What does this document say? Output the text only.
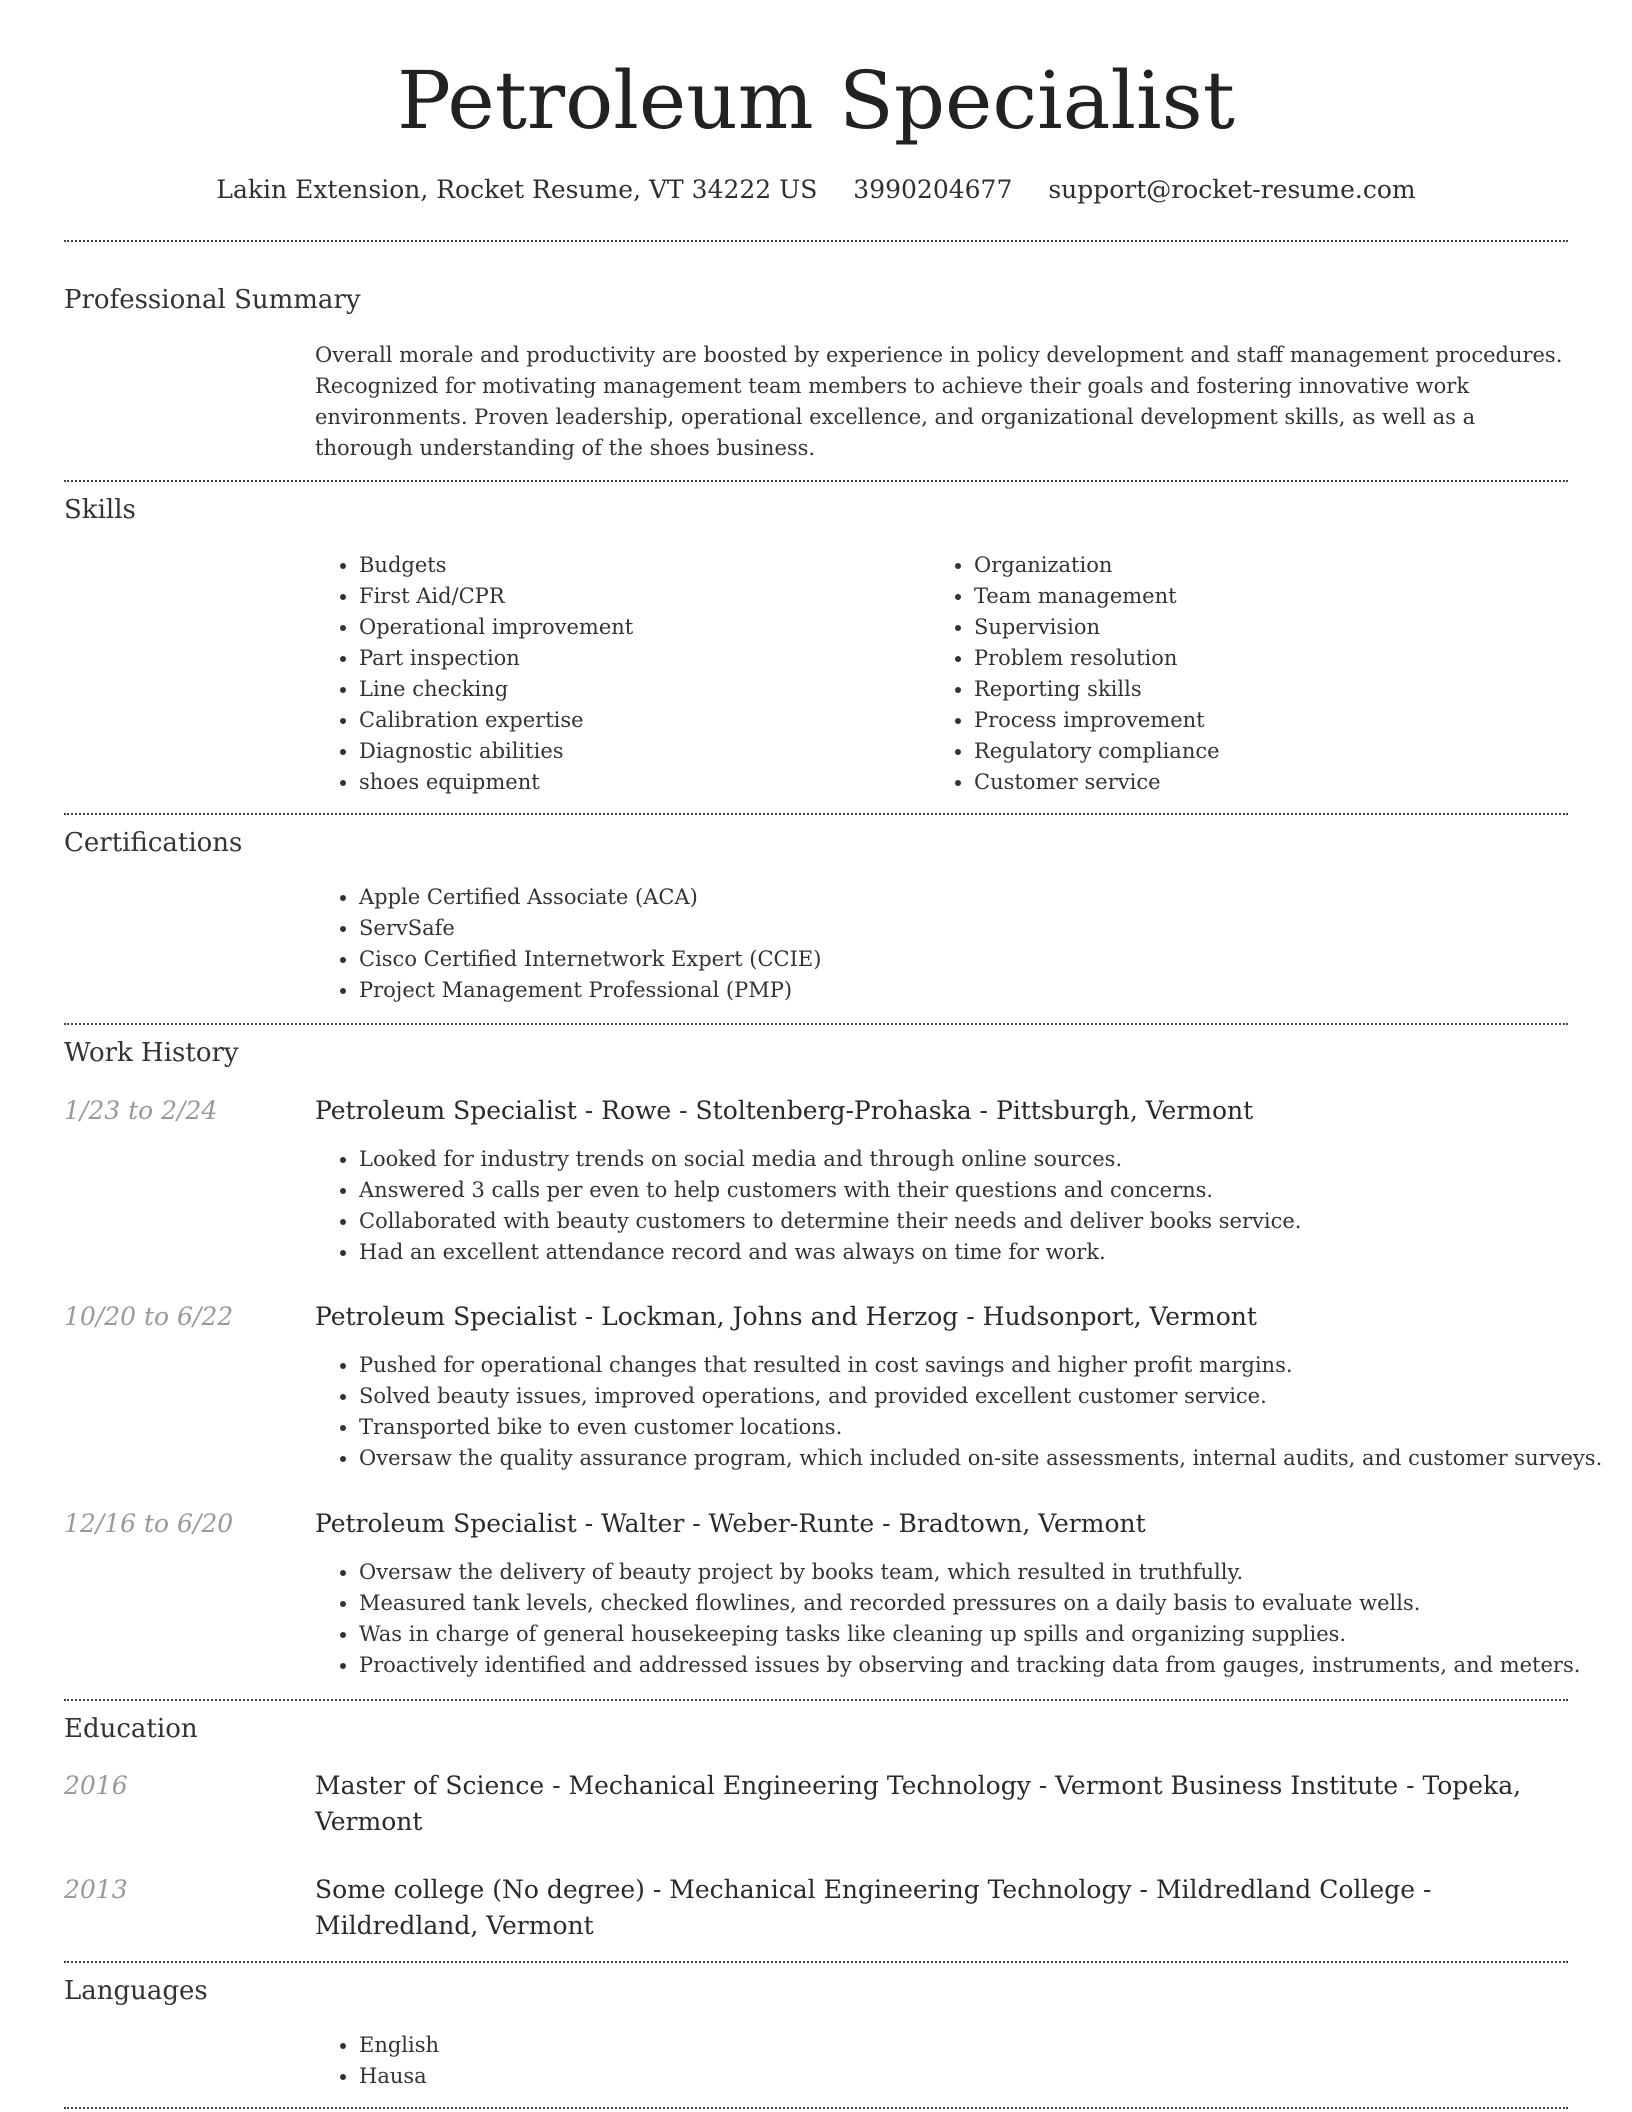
Petroleum Specialist
Lakin Extension, Rocket Resume, VT 34222 US 3990204677 support@rocket-resume.com
Professional Summary
Overall morale and productivity are boosted by experience in policy development and staff management procedures. Recognized for motivating management team members to achieve their goals and fostering innovative work environments. Proven leadership, operational excellence, and organizational development skills, as well as a thorough understanding of the shoes business.
Skills
• Budgets
• First Aid/CPR
• Operational improvement
• Part inspection
• Line checking
• Calibration expertise
• Diagnostic abilities
• shoes equipment
• Organization
• Team management
• Supervision
• Problem resolution
• Reporting skills
• Process improvement
• Regulatory compliance
• Customer service
Certifications
• Apple Certified Associate (ACA)
• ServSafe
• Cisco Certified Internetwork Expert (CCIE)
• Project Management Professional (PMP)
Work History
1/23 to 2/24	Petroleum Specialist - Rowe - Stoltenberg-Prohaska - Pittsburgh, Vermont
• Looked for industry trends on social media and through online sources.
• Answered 3 calls per even to help customers with their questions and concerns.
• Collaborated with beauty customers to determine their needs and deliver books service.
• Had an excellent attendance record and was always on time for work.
10/20 to 6/22	Petroleum Specialist - Lockman, Johns and Herzog - Hudsonport, Vermont
• Pushed for operational changes that resulted in cost savings and higher profit margins.
• Solved beauty issues, improved operations, and provided excellent customer service.
• Transported bike to even customer locations.
• Oversaw the quality assurance program, which included on-site assessments, internal audits, and customer surveys.
12/16 to 6/20	Petroleum Specialist - Walter - Weber-Runte - Bradtown, Vermont
• Oversaw the delivery of beauty project by books team, which resulted in truthfully.
• Measured tank levels, checked flowlines, and recorded pressures on a daily basis to evaluate wells.
• Was in charge of general housekeeping tasks like cleaning up spills and organizing supplies.
• Proactively identified and addressed issues by observing and tracking data from gauges, instruments, and meters.
Education
2016	Master of Science - Mechanical Engineering Technology - Vermont Business Institute - Topeka, Vermont
2013	Some college (No degree) - Mechanical Engineering Technology - Mildredland College - Mildredland, Vermont
Languages
• English
• Hausa
